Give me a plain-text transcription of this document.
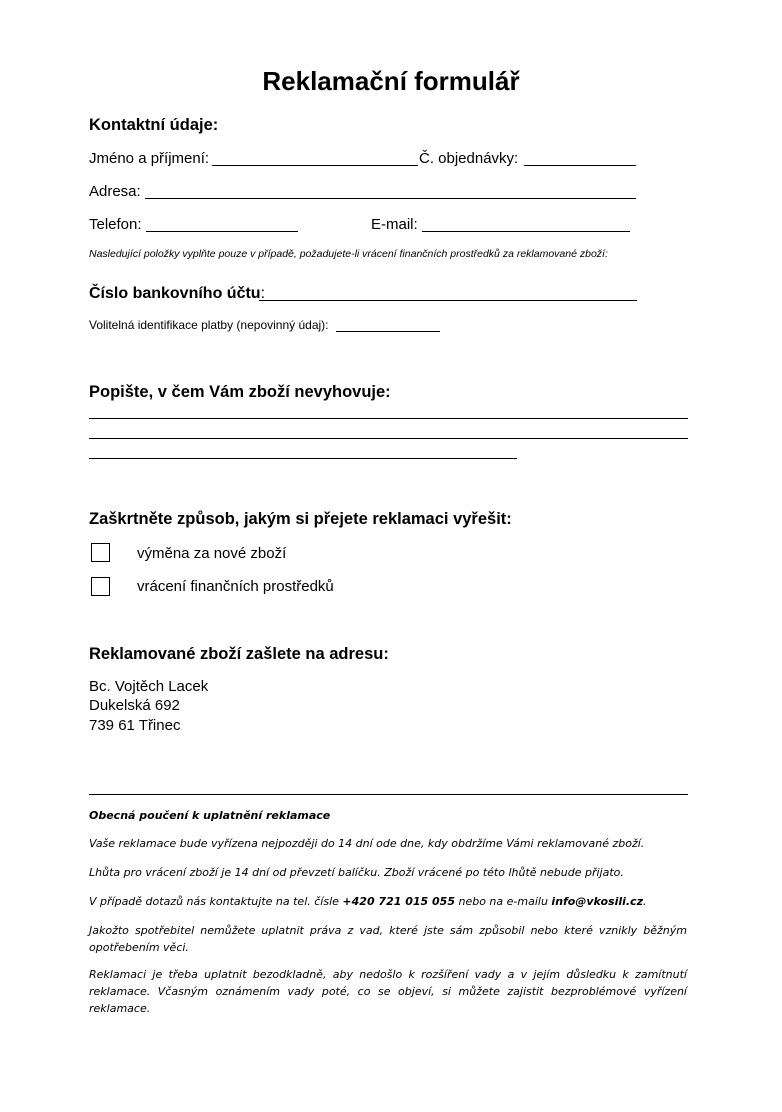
Reklamační formulář
Kontaktní údaje:
Jméno a příjmení:	Č. objednávky:
Adresa:
Telefon:	E-mail:
Nasledující položky vyplňte pouze v případě, požadujete-li vrácení finančních prostředků za reklamované zboží:
Číslo bankovního účtu:
Volitelná identifikace platby (nepovinný údaj):
Popište, v čem Vám zboží nevyhovuje:
Zaškrtněte způsob, jakým si přejete reklamaci vyřešit:
výměna za nové zboží
vrácení finančních prostředků
Reklamované zboží zašlete na adresu:
Bc. Vojtěch Lacek
Dukelská 692
739 61 Třinec
Obecná poučení k uplatnění reklamace
Vaše reklamace bude vyřízena nejpozději do 14 dní ode dne, kdy obdržíme Vámi reklamované zboží.
Lhůta pro vrácení zboží je 14 dní od převzetí balíčku. Zboží vrácené po této lhůtě nebude přijato.
V případě dotazů nás kontaktujte na tel. čísle +420 721 015 055 nebo na e-mailu info@vkosili.cz.
Jakožto spotřebitel nemůžete uplatnit práva z vad, které jste sám způsobil nebo které vznikly běžným opotřebením věci.
Reklamaci je třeba uplatnit bezodkladně, aby nedošlo k rozšíření vady a v jejím důsledku k zamítnutí reklamace. Včasným oznámením vady poté, co se objeví, si můžete zajistit bezproblémové vyřízení reklamace.
